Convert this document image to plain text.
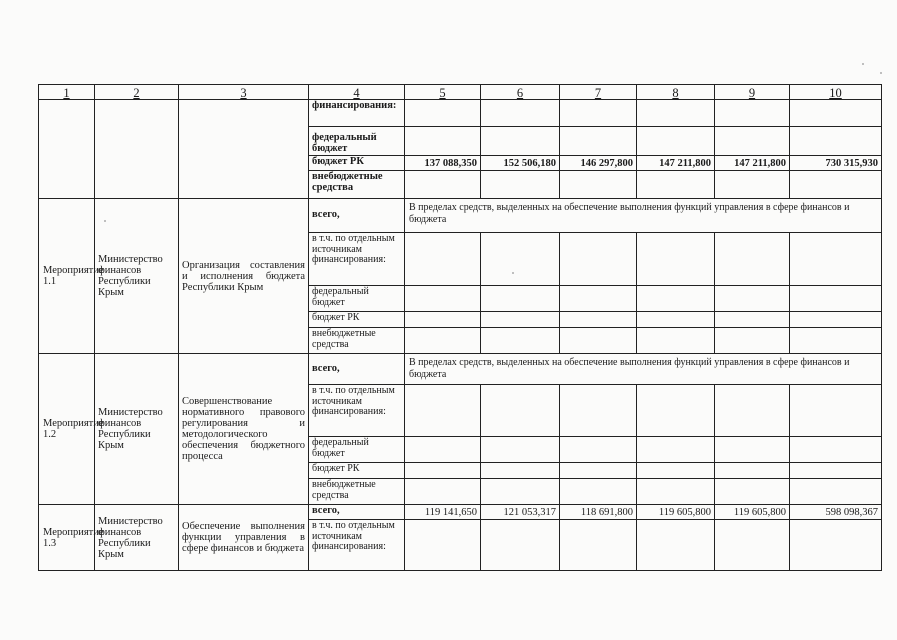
1	2	3	4	5	6	7	8	9	10
			финансирования:						
			федеральный бюджет						
			бюджет РК	137 088,350	152 506,180	146 297,800	147 211,800	147 211,800	730 315,930
			внебюджетные средства						
Мероприятие 1.1	Министерство финансов Республики Крым	Организация составления и исполнения бюджета Республики Крым	всего,	В пределах средств, выделенных на обеспечение выполнения функций управления в сфере финансов и бюджета					
			в т.ч. по отдельным источникам финансирования:						
			федеральный бюджет						
			бюджет РК						
			внебюджетные средства						
Мероприятие 1.2	Министерство финансов Республики Крым	Совершенствование нормативного правового регулирования и методологического обеспечения бюджетного процесса	всего,	В пределах средств, выделенных на обеспечение выполнения функций управления в сфере финансов и бюджета					
			в т.ч. по отдельным источникам финансирования:						
			федеральный бюджет						
			бюджет РК						
			внебюджетные средства						
Мероприятие 1.3	Министерство финансов Республики Крым	Обеспечение выполнения функции управления в сфере финансов и бюджета	всего,	119 141,650	121 053,317	118 691,800	119 605,800	119 605,800	598 098,367
			в т.ч. по отдельным источникам финансирования:						
